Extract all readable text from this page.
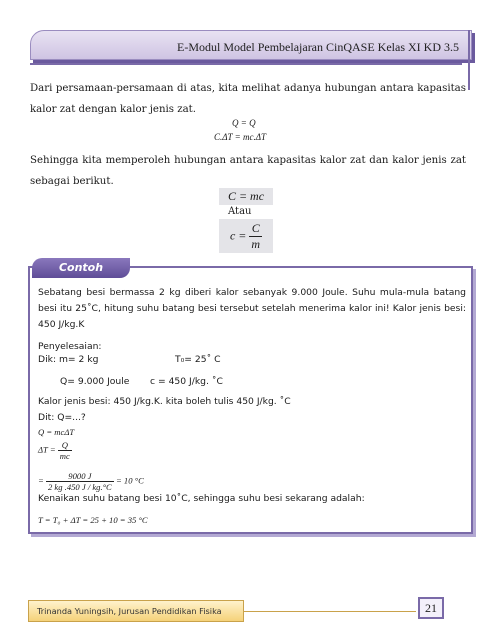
E-Modul Model Pembelajaran CinQASE Kelas XI KD 3.5

Dari persamaan-persamaan di atas, kita melihat adanya hubungan antara kapasitas kalor zat dengan kalor jenis zat.

Q = Q
C.ΔT = mc.ΔT

Sehingga kita memperoleh hubungan antara kapasitas kalor zat dan kalor jenis zat sebagai berikut.

C = mc
Atau
$c = \frac{C}{m}$
Sebatang besi bermassa 2 kg diberi kalor sebanyak 9.000 Joule. Suhu mula-mula batang besi itu 25˚C, hitung suhu batang besi tersebut setelah menerima kalor ini! Kalor jenis besi: 450 J/kg.K
Penyelesaian:
Dik: m= 2 kg	T₀= 25˚ C
Q= 9.000 Joule c = 450 J/kg. ˚C
Kalor jenis besi: 450 J/kg.K. kita boleh tulis 450 J/kg. ˚C
Dit: Q=...?
Q = mcΔT
$\Delta T = \frac{Q}{mc}$
= $\frac{9000 J}{2 kg .450 J / kg.^\circ C} = 10$ °C
Kenaikan suhu batang besi 10˚C, sehingga suhu besi sekarang adalah:
T = T₀ + ΔT = 25 + 10 = 35 °C
Contoh
Trinanda Yuningsih, Jurusan Pendidikan Fisika	21
